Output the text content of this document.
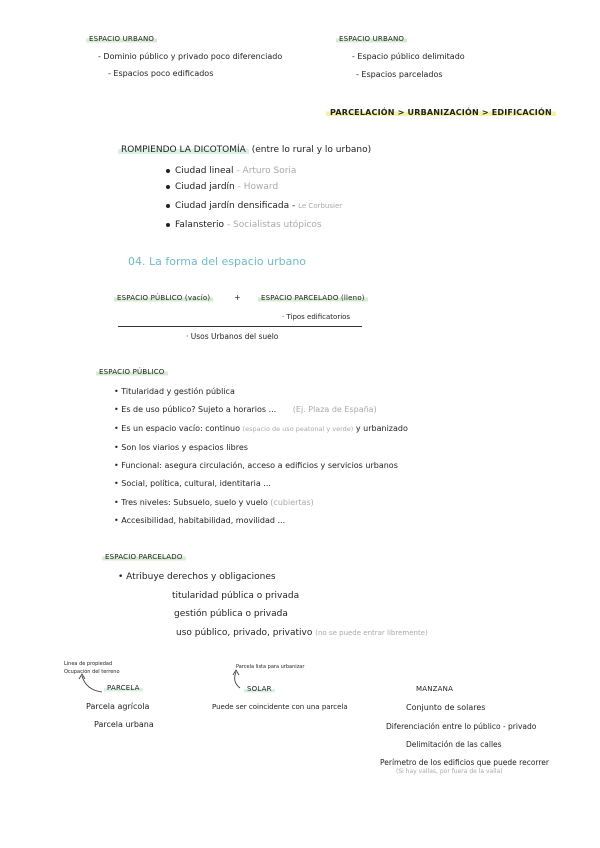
ESPACIO URBANO
- Dominio público y privado poco diferenciado
- Espacios poco edificados
ESPACIO URBANO
- Espacio público delimitado
- Espacios parcelados
PARCELACIÓN > URBANIZACIÓN > EDIFICACIÓN
ROMPIENDO LA DICOTOMÍA (entre lo rural y lo urbano)
Ciudad lineal - Arturo Soria
Ciudad jardín - Howard
Ciudad jardín densificada - Le Corbusier
Falansterio - Socialistas utópicos
04. La forma del espacio urbano
ESPACIO PÚBLICO (vacío)	+	ESPACIO PARCELADO (lleno)
· Tipos edificatorios
· Usos Urbanos del suelo
ESPACIO PÚBLICO
• Titularidad y gestión pública
• Es de uso público? Sujeto a horarios ... (Ej. Plaza de España)
• Es un espacio vacío: continuo (espacio de uso peatonal y verde) y urbanizado
• Son los viarios y espacios libres
• Funcional: asegura circulación, acceso a edificios y servicios urbanos
• Social, política, cultural, identitaria ...
• Tres niveles: Subsuelo, suelo y vuelo (cubiertas)
• Accesibilidad, habitabilidad, movilidad ...
ESPACIO PARCELADO
• Atribuye derechos y obligaciones
titularidad pública o privada
gestión pública o privada
uso público, privado, privativo (no se puede entrar libremente)
Linea de propiedad
Ocupación del terreno
Parcela lista para urbanizar
PARCELA
Parcela agrícola
Parcela urbana
SOLAR
Puede ser coincidente con una parcela
MANZANA
Conjunto de solares
Diferenciación entre lo público - privado
Delimitación de las calles
Perímetro de los edificios que puede recorrer
(Si hay vallas, por fuera de la valla)
